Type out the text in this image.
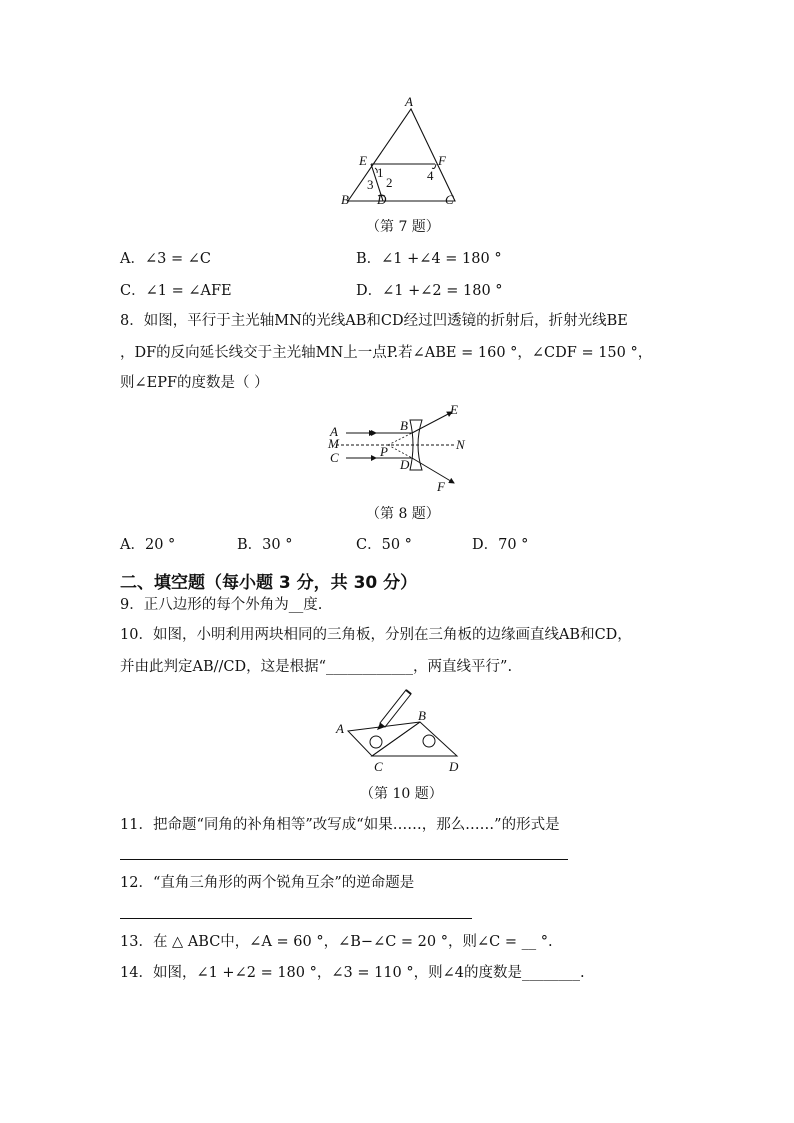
A
E	F
B D	C
1
2
3
4
（第 7 题）
A．∠3 = ∠C	B．∠1 +∠4 = 180 °
C．∠1 = ∠AFE	D．∠1 +∠2 = 180 °
8．如图，平行于主光轴MN的光线AB和CD经过凹透镜的折射后，折射光线BE
，DF的反向延长线交于主光轴MN上一点P.若∠ABE = 160 °，∠CDF = 150 °，
则∠EPF的度数是（ ）
A
M
C
B
P
D
E
N
F
（第 8 题）
A．20 °	B．30 °	C．50 °	D．70 °
二、填空题（每小题 3 分，共 30 分）
9．正八边形的每个外角为__度.
10．如图，小明利用两块相同的三角板，分别在三角板的边缘画直线AB和CD，
并由此判定AB//CD，这是根据“____________，两直线平行”.
A
B
C	D
（第 10 题）
11．把命题“同角的补角相等”改写成“如果……，那么……”的形式是
12．“直角三角形的两个锐角互余”的逆命题是
13．在 △ ABC中，∠A = 60 °，∠B−∠C = 20 °，则∠C = __ °.
14．如图，∠1 +∠2 = 180 °，∠3 = 110 °，则∠4的度数是________.
